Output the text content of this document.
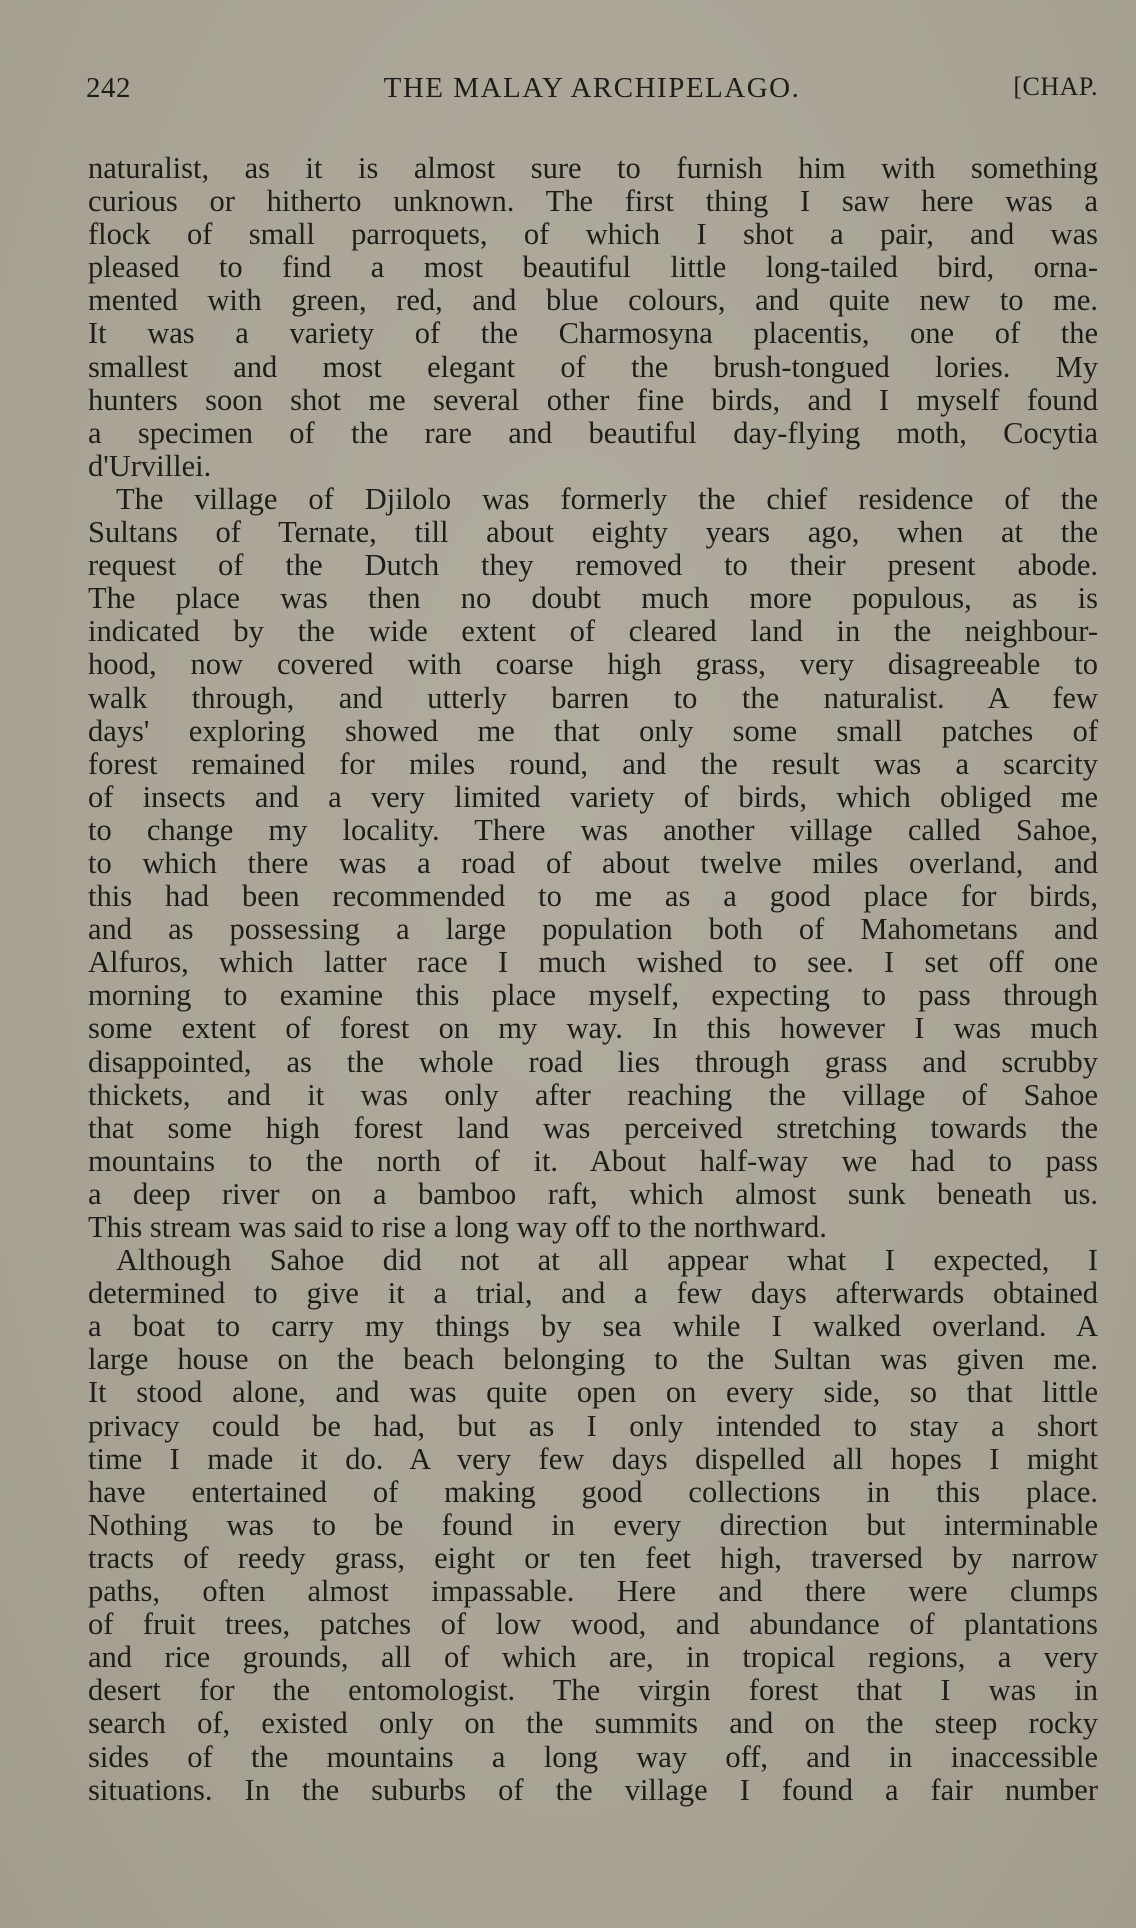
242	THE MALAY ARCHIPELAGO.	[CHAP.
naturalist, as it is almost sure to furnish him with something
curious or hitherto unknown. The first thing I saw here was a
flock of small parroquets, of which I shot a pair, and was
pleased to find a most beautiful little long-tailed bird, orna-
mented with green, red, and blue colours, and quite new to me.
It was a variety of the Charmosyna placentis, one of the
smallest and most elegant of the brush-tongued lories. My
hunters soon shot me several other fine birds, and I myself found
a specimen of the rare and beautiful day-flying moth, Cocytia
d'Urvillei.
The village of Djilolo was formerly the chief residence of the
Sultans of Ternate, till about eighty years ago, when at the
request of the Dutch they removed to their present abode.
The place was then no doubt much more populous, as is
indicated by the wide extent of cleared land in the neighbour-
hood, now covered with coarse high grass, very disagreeable to
walk through, and utterly barren to the naturalist. A few
days' exploring showed me that only some small patches of
forest remained for miles round, and the result was a scarcity
of insects and a very limited variety of birds, which obliged me
to change my locality. There was another village called Sahoe,
to which there was a road of about twelve miles overland, and
this had been recommended to me as a good place for birds,
and as possessing a large population both of Mahometans and
Alfuros, which latter race I much wished to see. I set off one
morning to examine this place myself, expecting to pass through
some extent of forest on my way. In this however I was much
disappointed, as the whole road lies through grass and scrubby
thickets, and it was only after reaching the village of Sahoe
that some high forest land was perceived stretching towards the
mountains to the north of it. About half-way we had to pass
a deep river on a bamboo raft, which almost sunk beneath us.
This stream was said to rise a long way off to the northward.
Although Sahoe did not at all appear what I expected, I
determined to give it a trial, and a few days afterwards obtained
a boat to carry my things by sea while I walked overland. A
large house on the beach belonging to the Sultan was given me.
It stood alone, and was quite open on every side, so that little
privacy could be had, but as I only intended to stay a short
time I made it do. A very few days dispelled all hopes I might
have entertained of making good collections in this place.
Nothing was to be found in every direction but interminable
tracts of reedy grass, eight or ten feet high, traversed by narrow
paths, often almost impassable. Here and there were clumps
of fruit trees, patches of low wood, and abundance of plantations
and rice grounds, all of which are, in tropical regions, a very
desert for the entomologist. The virgin forest that I was in
search of, existed only on the summits and on the steep rocky
sides of the mountains a long way off, and in inaccessible
situations. In the suburbs of the village I found a fair number
